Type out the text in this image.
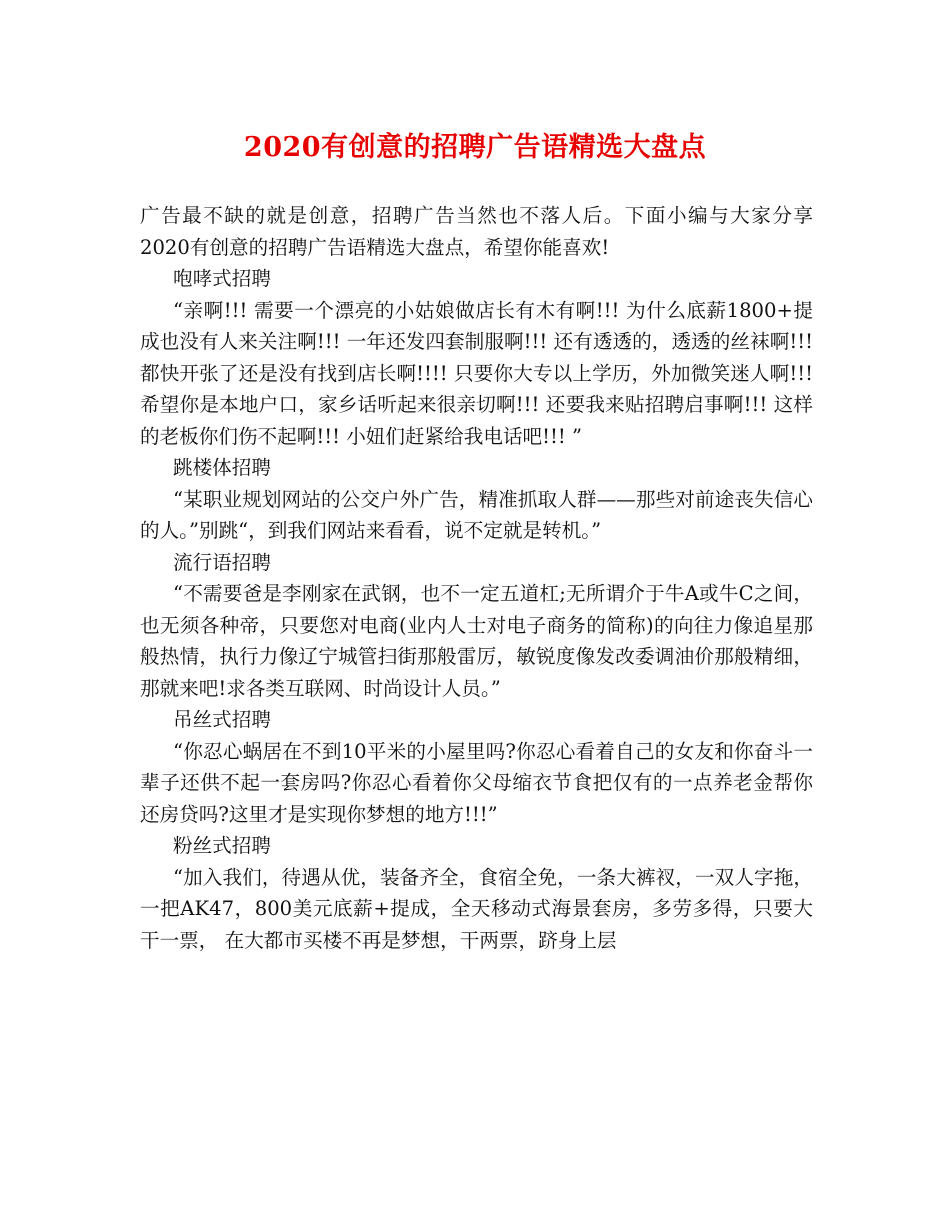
2020有创意的招聘广告语精选大盘点

广告最不缺的就是创意，招聘广告当然也不落人后。下面小编与大家分享2020有创意的招聘广告语精选大盘点，希望你能喜欢!

咆哮式招聘

“亲啊!!! 需要一个漂亮的小姑娘做店长有木有啊!!! 为什么底薪1800+提成也没有人来关注啊!!! 一年还发四套制服啊!!! 还有透透的，透透的丝袜啊!!! 都快开张了还是没有找到店长啊!!!! 只要你大专以上学历，外加微笑迷人啊!!! 希望你是本地户口，家乡话听起来很亲切啊!!! 还要我来贴招聘启事啊!!! 这样的老板你们伤不起啊!!! 小妞们赶紧给我电话吧!!! ”

跳楼体招聘

“某职业规划网站的公交户外广告，精准抓取人群——那些对前途丧失信心的人。”别跳“，到我们网站来看看，说不定就是转机。”

流行语招聘

“不需要爸是李刚家在武钢，也不一定五道杠;无所谓介于牛A或牛C之间，也无须各种帝，只要您对电商(业内人士对电子商务的简称)的向往力像追星那般热情，执行力像辽宁城管扫街那般雷厉，敏锐度像发改委调油价那般精细，那就来吧!求各类互联网、时尚设计人员。”

吊丝式招聘

“你忍心蜗居在不到10平米的小屋里吗?你忍心看着自己的女友和你奋斗一辈子还供不起一套房吗?你忍心看着你父母缩衣节食把仅有的一点养老金帮你还房贷吗?这里才是实现你梦想的地方!!!”

粉丝式招聘

“加入我们，待遇从优，装备齐全，食宿全免，一条大裤衩，一双人字拖，一把AK47，800美元底薪+提成，全天移动式海景套房，多劳多得，只要大干一票， 在大都市买楼不再是梦想，干两票，跻身上层
